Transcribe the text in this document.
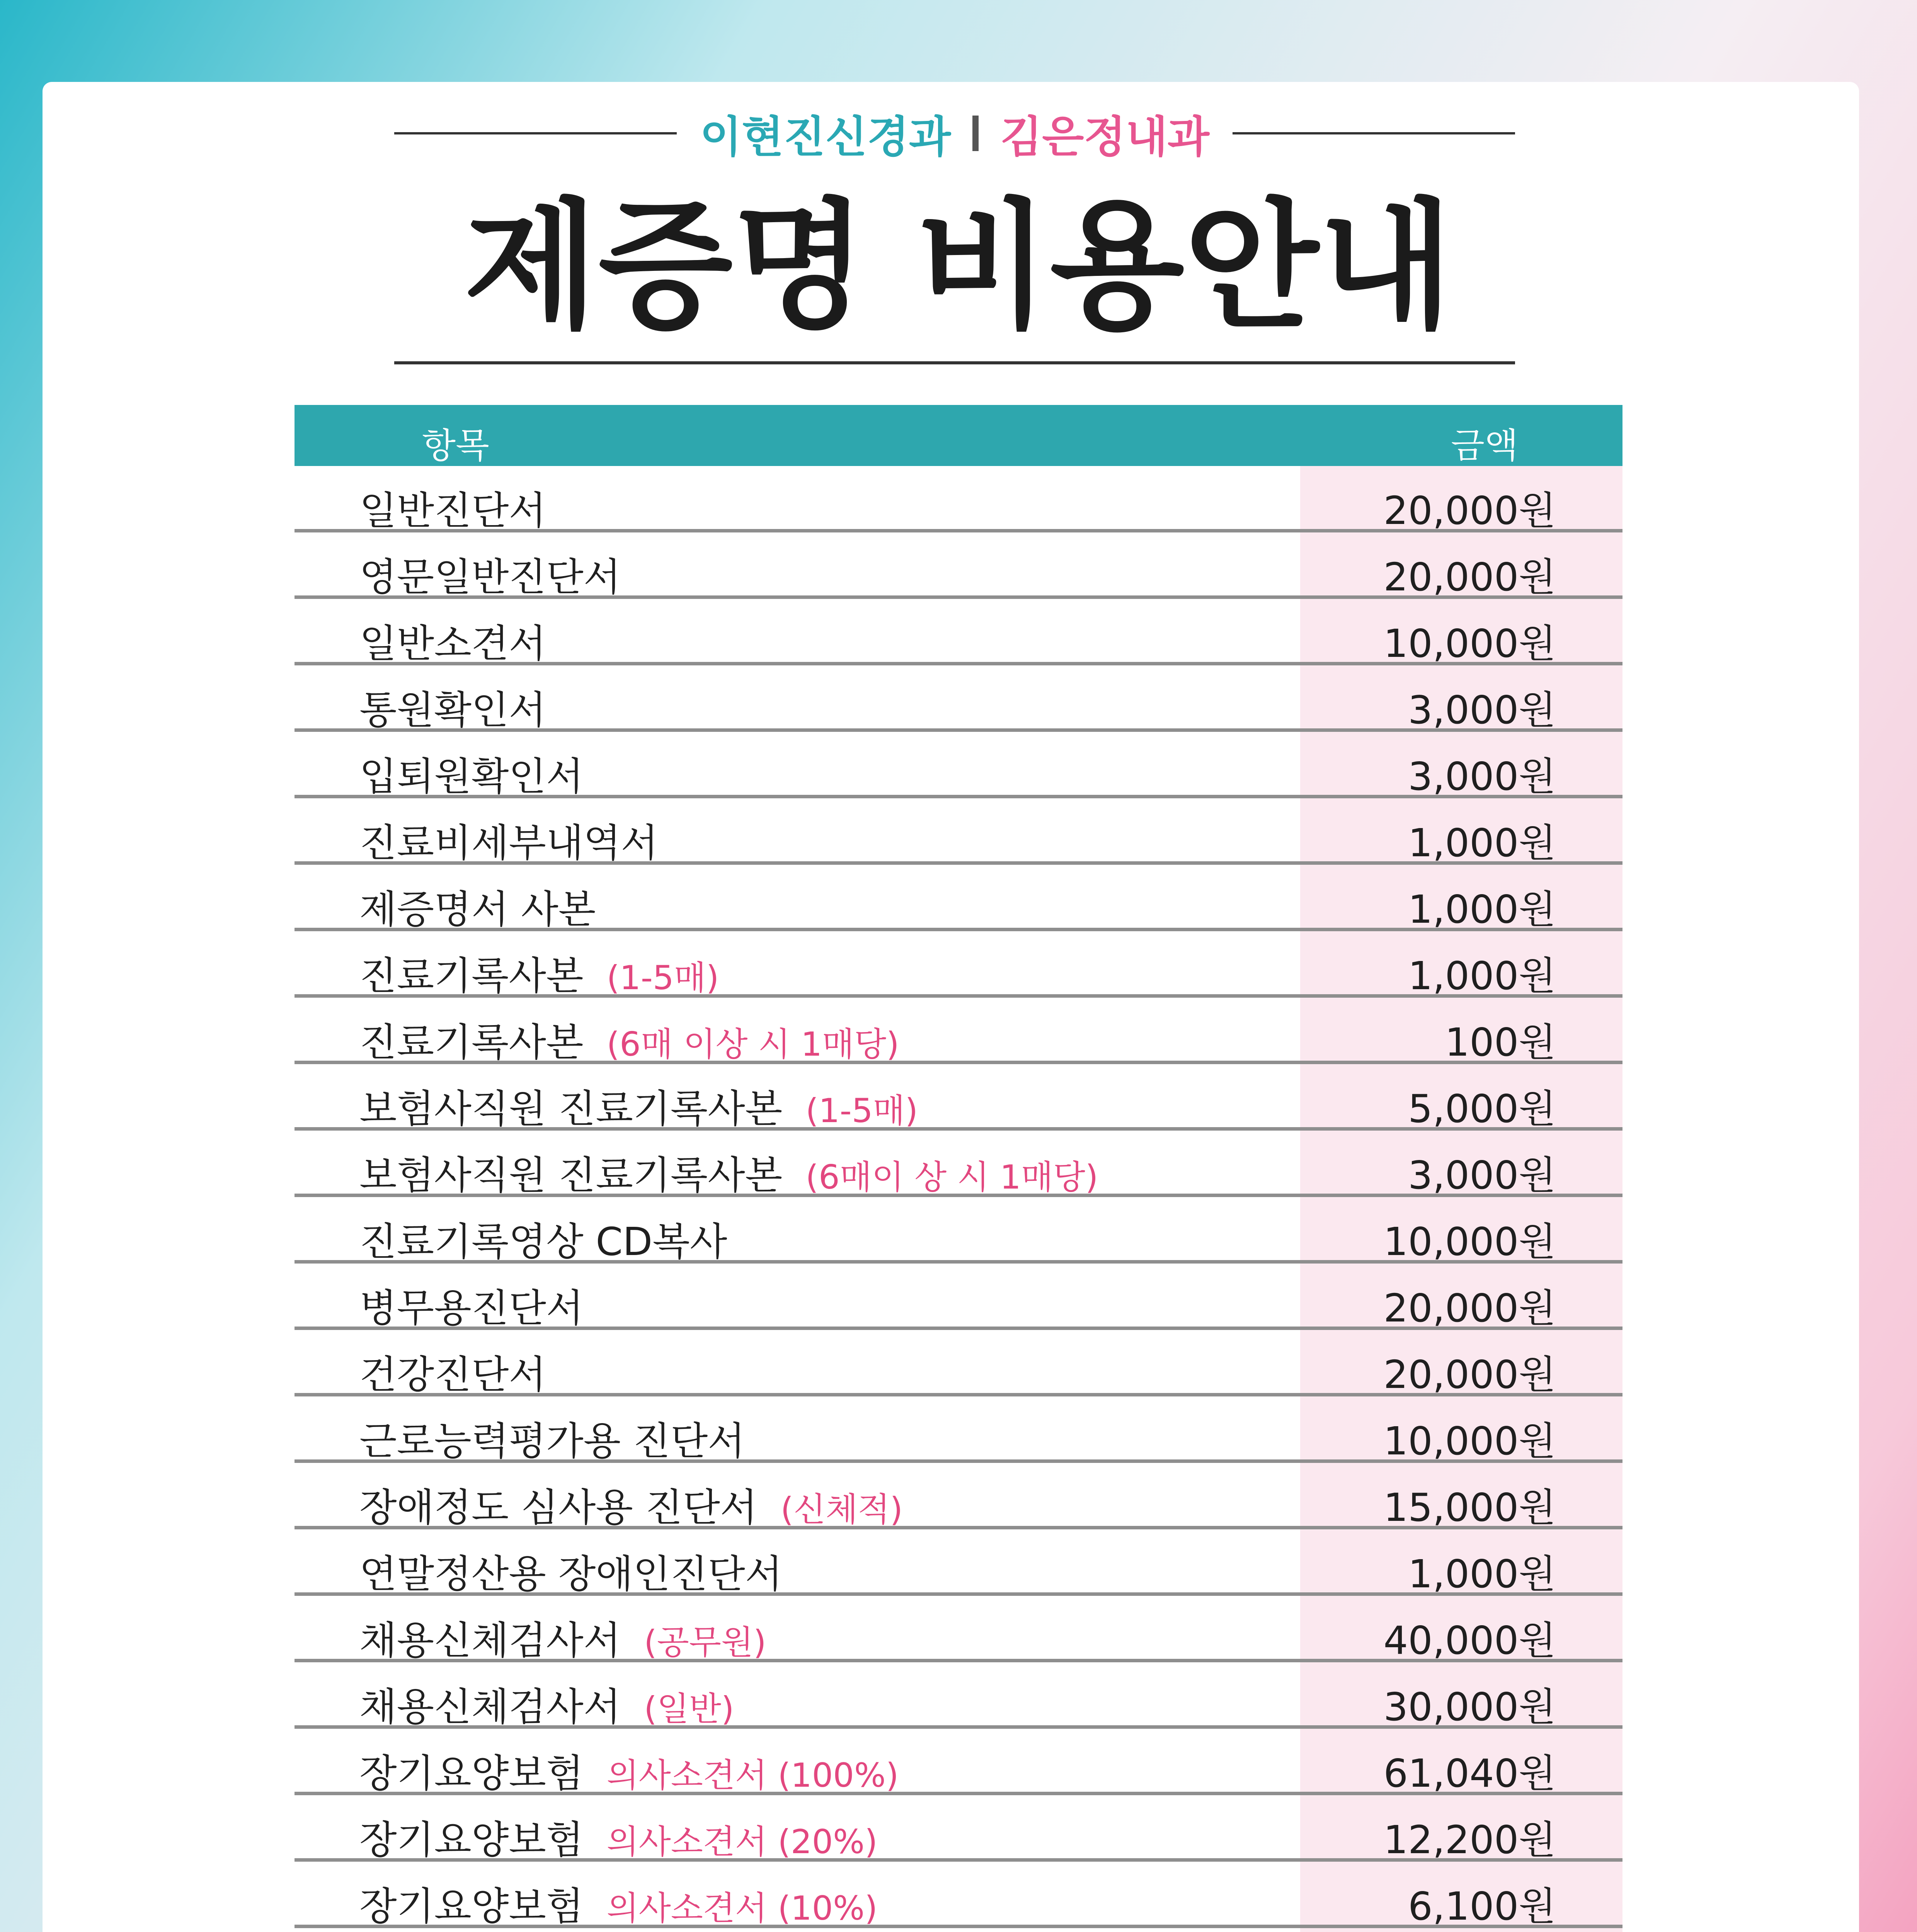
이현진신경과 김은정내과
제증명 비용안내
항목	금액
일반진단서	20,000원
영문일반진단서	20,000원
일반소견서	10,000원
통원확인서	3,000원
입퇴원확인서	3,000원
진료비세부내역서	1,000원
제증명서 사본	1,000원
진료기록사본 (1-5매)	1,000원
진료기록사본 (6매 이상 시 1매당)	100원
보험사직원 진료기록사본 (1-5매)	5,000원
보험사직원 진료기록사본 (6매이 상 시 1매당)	3,000원
진료기록영상 CD복사	10,000원
병무용진단서	20,000원
건강진단서	20,000원
근로능력평가용 진단서	10,000원
장애정도 심사용 진단서 (신체적)	15,000원
연말정산용 장애인진단서	1,000원
채용신체검사서 (공무원)	40,000원
채용신체검사서 (일반)	30,000원
장기요양보험 의사소견서 (100%)	61,040원
장기요양보험 의사소견서 (20%)	12,200원
장기요양보험 의사소견서 (10%)	6,100원
